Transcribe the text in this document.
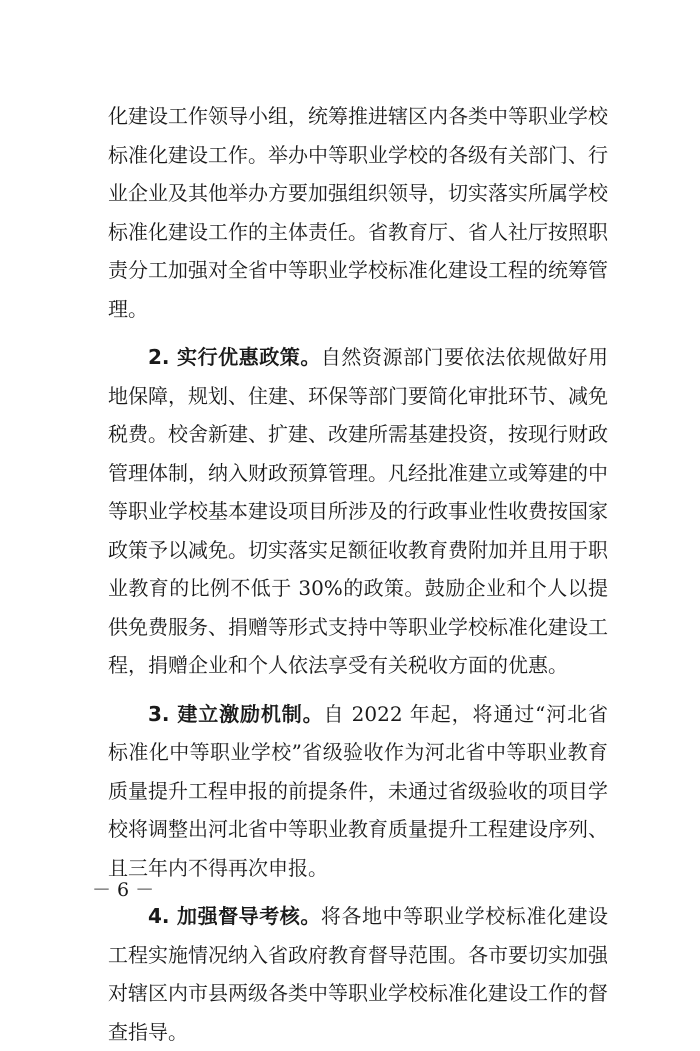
化建设工作领导小组，统筹推进辖区内各类中等职业学校标准化建设工作。举办中等职业学校的各级有关部门、行业企业及其他举办方要加强组织领导，切实落实所属学校标准化建设工作的主体责任。省教育厅、省人社厅按照职责分工加强对全省中等职业学校标准化建设工程的统筹管理。

2. 实行优惠政策。自然资源部门要依法依规做好用地保障，规划、住建、环保等部门要简化审批环节、减免税费。校舍新建、扩建、改建所需基建投资，按现行财政管理体制，纳入财政预算管理。凡经批准建立或筹建的中等职业学校基本建设项目所涉及的行政事业性收费按国家政策予以减免。切实落实足额征收教育费附加并且用于职业教育的比例不低于 30%的政策。鼓励企业和个人以提供免费服务、捐赠等形式支持中等职业学校标准化建设工程，捐赠企业和个人依法享受有关税收方面的优惠。

3. 建立激励机制。自 2022 年起，将通过“河北省标准化中等职业学校”省级验收作为河北省中等职业教育质量提升工程申报的前提条件，未通过省级验收的项目学校将调整出河北省中等职业教育质量提升工程建设序列、且三年内不得再次申报。

4. 加强督导考核。将各地中等职业学校标准化建设工程实施情况纳入省政府教育督导范围。各市要切实加强对辖区内市县两级各类中等职业学校标准化建设工作的督查指导。

－ 6 －
